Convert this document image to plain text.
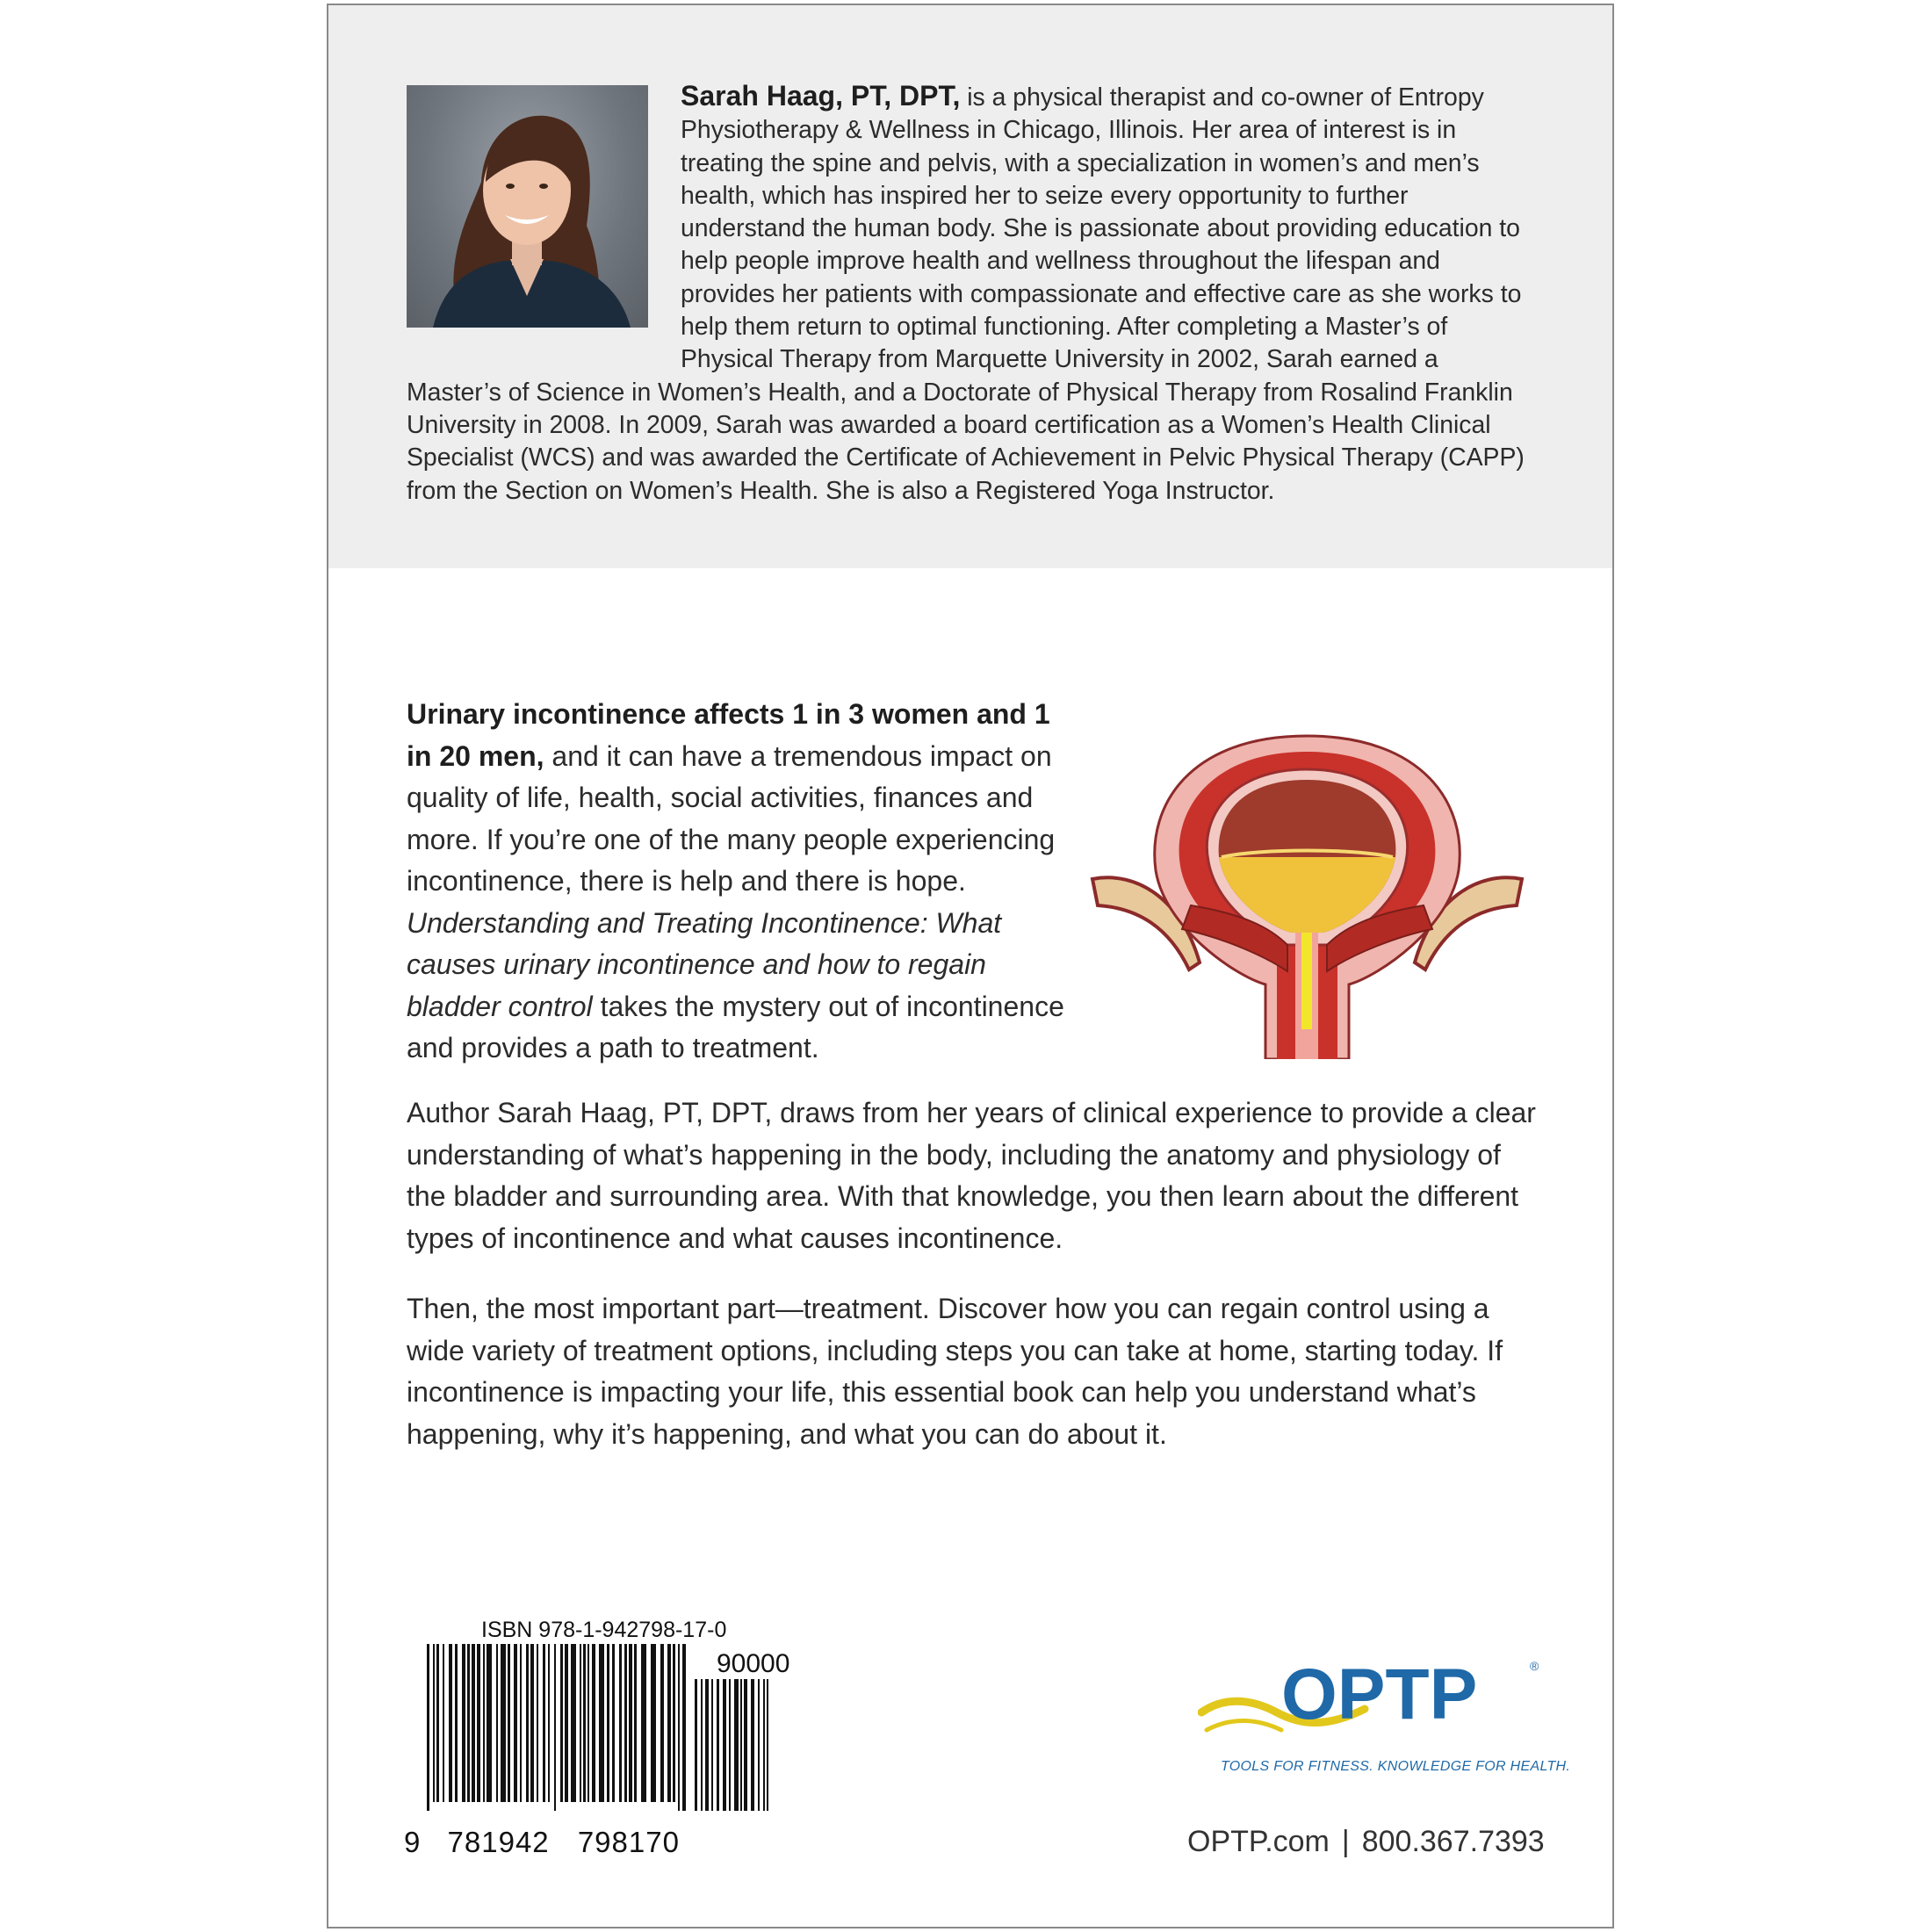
Sarah Haag, PT, DPT, is a physical therapist and co-owner of Entropy Physiotherapy & Wellness in Chicago, Illinois. Her area of interest is in treating the spine and pelvis, with a specialization in women’s and men’s health, which has inspired her to seize every opportunity to further understand the human body. She is passionate about providing education to help people improve health and wellness throughout the lifespan and provides her patients with compassionate and effective care as she works to help them return to optimal functioning. After completing a Master’s of Physical Therapy from Marquette University in 2002, Sarah earned a Master’s of Science in Women’s Health, and a Doctorate of Physical Therapy from Rosalind Franklin University in 2008. In 2009, Sarah was awarded a board certification as a Women’s Health Clinical Specialist (WCS) and was awarded the Certificate of Achievement in Pelvic Physical Therapy (CAPP) from the Section on Women’s Health. She is also a Registered Yoga Instructor.

Urinary incontinence affects 1 in 3 women and 1 in 20 men, and it can have a tremendous impact on quality of life, health, social activities, finances and more. If you’re one of the many people experiencing incontinence, there is help and there is hope. Understanding and Treating Incontinence: What causes urinary incontinence and how to regain bladder control takes the mystery out of incontinence and provides a path to treatment.

Author Sarah Haag, PT, DPT, draws from her years of clinical experience to provide a clear understanding of what’s happening in the body, including the anatomy and physiology of the bladder and surrounding area. With that knowledge, you then learn about the different types of incontinence and what causes incontinence.

Then, the most important part—treatment. Discover how you can regain control using a wide variety of treatment options, including steps you can take at home, starting today. If incontinence is impacting your life, this essential book can help you understand what’s happening, why it’s happening, and what you can do about it.

ISBN 978-1-942798-17-0
90000
9 781942 798170
OPTP	®
TOOLS FOR FITNESS. KNOWLEDGE FOR HEALTH.
OPTP.com | 800.367.7393
